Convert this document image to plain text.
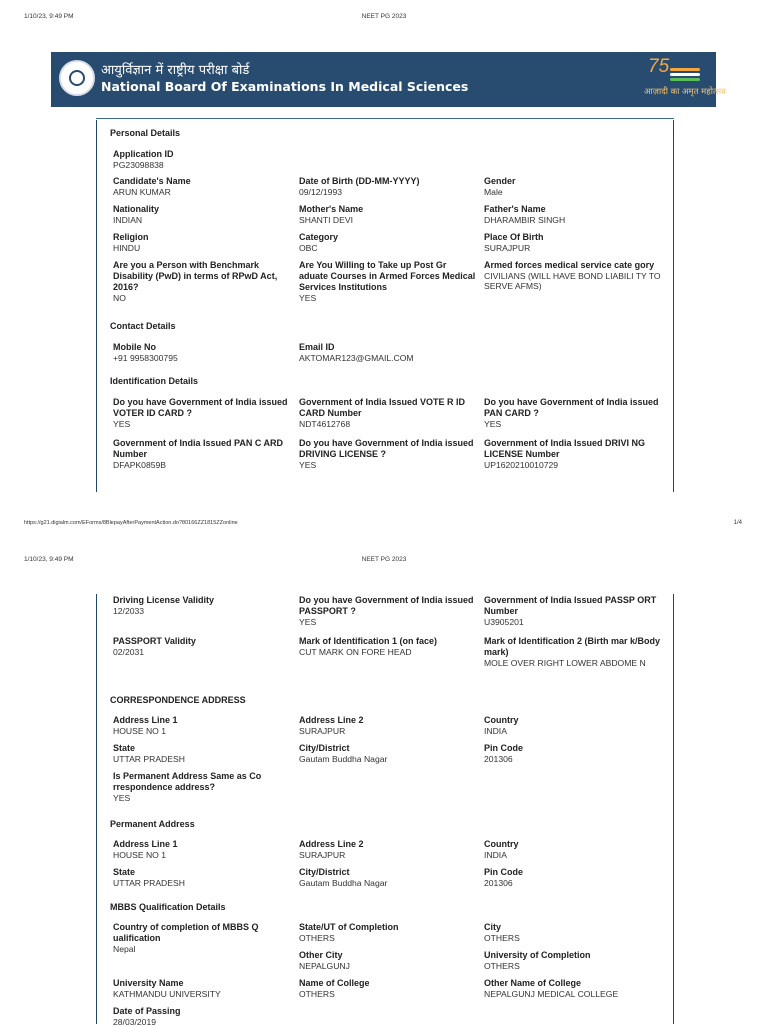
1/10/23, 9:49 PM	NEET PG 2023
आयुर्विज्ञान में राष्ट्रीय परीक्षा बोर्ड
National Board Of Examinations In Medical Sciences
75
आज़ादी का अमृत महोत्सव
Personal Details
Application ID
PG23098838
Candidate's Name
ARUN KUMAR
Date of Birth (DD-MM-YYYY)
09/12/1993
Gender
Male
Nationality
INDIAN
Mother's Name
SHANTI DEVI
Father's Name
DHARAMBIR SINGH
Religion
HINDU
Category
OBC
Place Of Birth
SURAJPUR
Are you a Person with Benchmark Disability (PwD) in terms of RPwD Act, 2016?
NO
Are You Willing to Take up Post Gr aduate Courses in Armed Forces Medical Services Institutions
YES
Armed forces medical service cate gory
CIVILIANS (WILL HAVE BOND LIABILI TY TO SERVE AFMS)
Contact Details
Mobile No
+91 9958300795
Email ID
AKTOMAR123@GMAIL.COM
Identification Details
Do you have Government of India issued VOTER ID CARD ?
YES
Government of India Issued VOTE R ID CARD Number
NDT4612768
Do you have Government of India issued PAN CARD ?
YES
Government of India Issued PAN C ARD Number
DFAPK0859B
Do you have Government of India issued DRIVING LICENSE ?
YES
Government of India Issued DRIVI NG LICENSE Number
UP1620210010729
https://g21.digialm.com/EForms/8BlepayAfterPaymentAction.do?80166ZZ1815ZZonline	1/4
1/10/23, 9:49 PM	NEET PG 2023
Driving License Validity
12/2033
Do you have Government of India issued PASSPORT ?
YES
Government of India Issued PASSP ORT Number
U3905201
PASSPORT Validity
02/2031
Mark of Identification 1 (on face)
CUT MARK ON FORE HEAD
Mark of Identification 2 (Birth mar k/Body mark)
MOLE OVER RIGHT LOWER ABDOME N
CORRESPONDENCE ADDRESS
Address Line 1
HOUSE NO 1
Address Line 2
SURAJPUR
Country
INDIA
State
UTTAR PRADESH
City/District
Gautam Buddha Nagar
Pin Code
201306
Is Permanent Address Same as Co rrespondence address?
YES
Permanent Address
Address Line 1
HOUSE NO 1
Address Line 2
SURAJPUR
Country
INDIA
State
UTTAR PRADESH
City/District
Gautam Buddha Nagar
Pin Code
201306
MBBS Qualification Details
Country of completion of MBBS Q ualification
Nepal
State/UT of Completion
OTHERS
City
OTHERS
Other City
NEPALGUNJ
University of Completion
OTHERS
University Name
KATHMANDU UNIVERSITY
Name of College
OTHERS
Other Name of College
NEPALGUNJ MEDICAL COLLEGE
Date of Passing
28/03/2019
